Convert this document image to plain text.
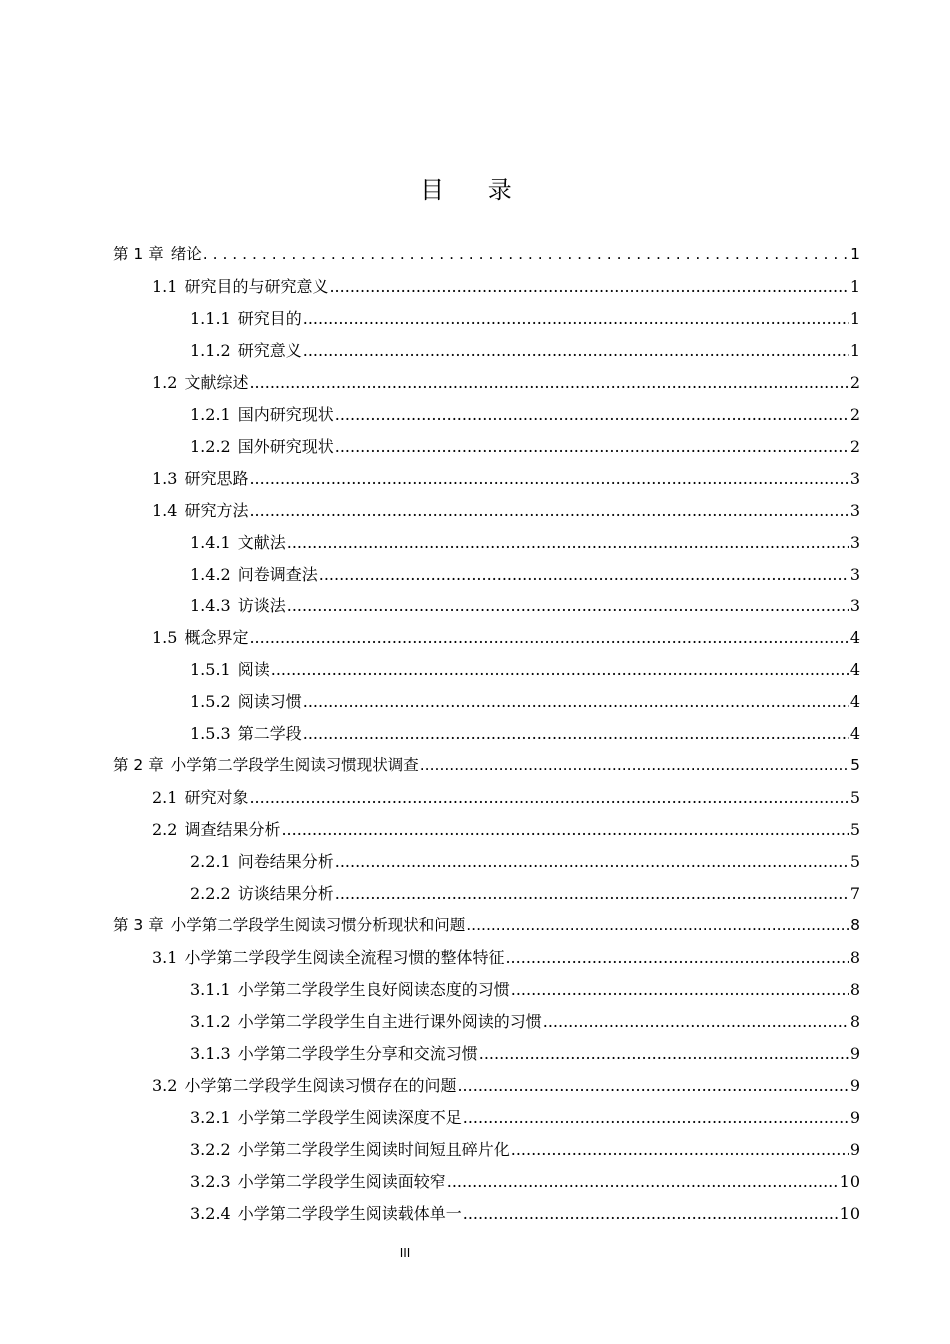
目 录
第 1 章 绪论 . . .	1
1.1 研究目的与研究意义 .....	1
1.1.1 研究目的 .....	1
1.1.2 研究意义 .....	1
1.2 文献综述 .....	2
1.2.1 国内研究现状 .....	2
1.2.2 国外研究现状 .....	2
1.3 研究思路 .....	3
1.4 研究方法 .....	3
1.4.1 文献法 .....	3
1.4.2 问卷调查法 .....	3
1.4.3 访谈法 .....	3
1.5 概念界定 .....	4
1.5.1 阅读 .....	4
1.5.2 阅读习惯 .....	4
1.5.3 第二学段 .....	4
第 2 章 小学第二学段学生阅读习惯现状调查 .....	5
2.1 研究对象 .....	5
2.2 调查结果分析 .....	5
2.2.1 问卷结果分析 .....	5
2.2.2 访谈结果分析 .....	7
第 3 章 小学第二学段学生阅读习惯分析现状和问题 .....	8
3.1 小学第二学段学生阅读全流程习惯的整体特征 .....	8
3.1.1 小学第二学段学生良好阅读态度的习惯 .....	8
3.1.2 小学第二学段学生自主进行课外阅读的习惯 .....	8
3.1.3 小学第二学段学生分享和交流习惯 .....	9
3.2 小学第二学段学生阅读习惯存在的问题 .....	9
3.2.1 小学第二学段学生阅读深度不足 .....	9
3.2.2 小学第二学段学生阅读时间短且碎片化 .....	9
3.2.3 小学第二学段学生阅读面较窄 .....	10
3.2.4 小学第二学段学生阅读载体单一 .....	10
III
